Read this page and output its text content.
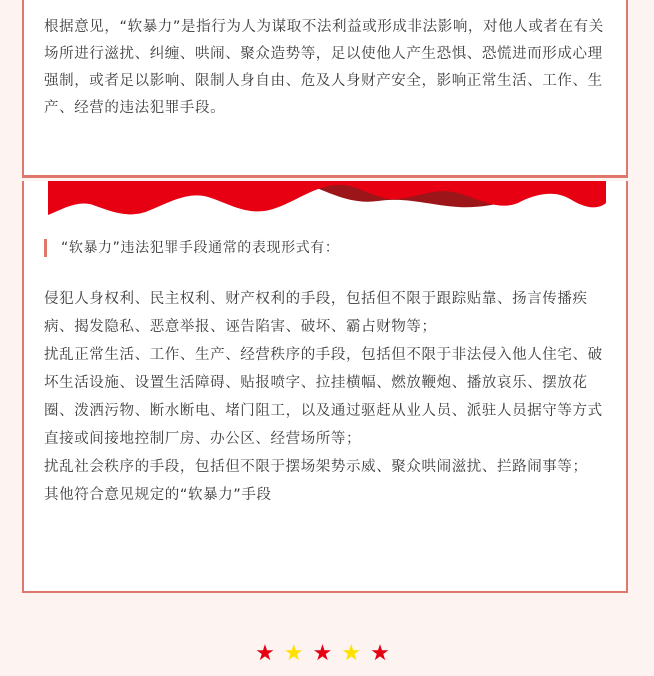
根据意见，“软暴力”是指行为人为谋取不法利益或形成非法影响，对他人或者在有关场所进行滋扰、纠缠、哄闹、聚众造势等，足以使他人产生恐惧、恐慌进而形成心理强制，或者足以影响、限制人身自由、危及人身财产安全，影响正常生活、工作、生产、经营的违法犯罪手段。

“软暴力”违法犯罪手段通常的表现形式有：

侵犯人身权利、民主权利、财产权利的手段，包括但不限于跟踪贴靠、扬言传播疾病、揭发隐私、恶意举报、诬告陷害、破坏、霸占财物等；

扰乱正常生活、工作、生产、经营秩序的手段，包括但不限于非法侵入他人住宅、破坏生活设施、设置生活障碍、贴报喷字、拉挂横幅、燃放鞭炮、播放哀乐、摆放花圈、泼洒污物、断水断电、堵门阻工，以及通过驱赶从业人员、派驻人员据守等方式直接或间接地控制厂房、办公区、经营场所等；

扰乱社会秩序的手段，包括但不限于摆场架势示威、聚众哄闹滋扰、拦路闹事等；

其他符合意见规定的“软暴力”手段

★★★★★
